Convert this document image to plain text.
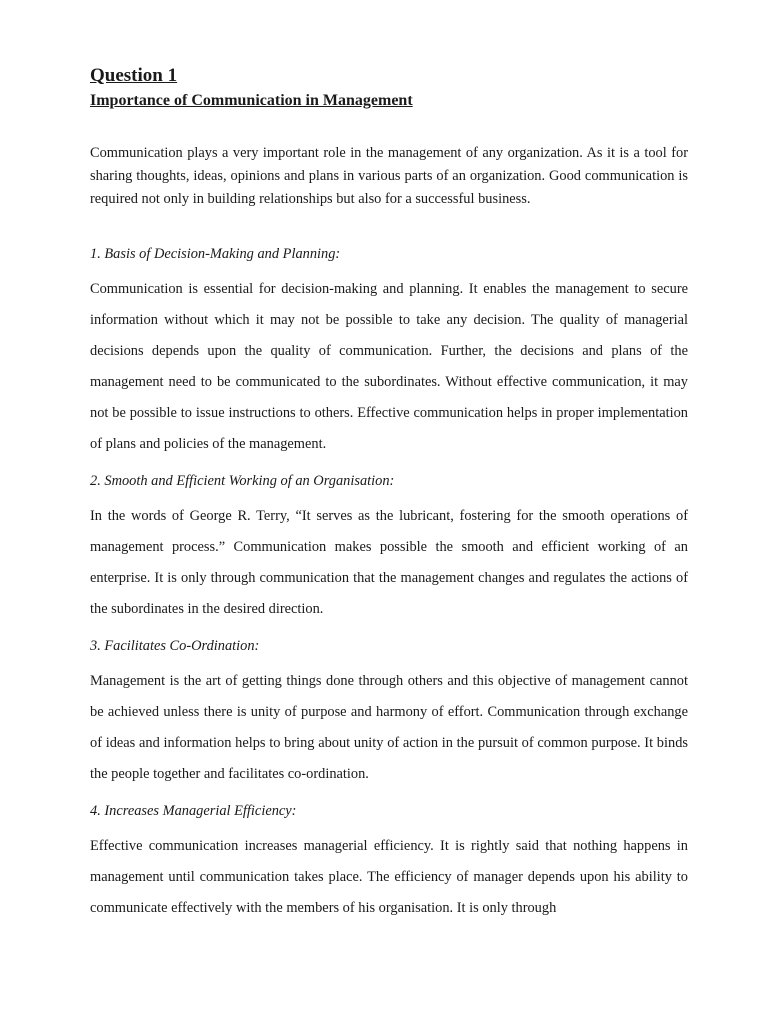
Question 1
Importance of Communication in Management

Communication plays a very important role in the management of any organization. As it is a tool for sharing thoughts, ideas, opinions and plans in various parts of an organization. Good communication is required not only in building relationships but also for a successful business.

1. Basis of Decision-Making and Planning:

Communication is essential for decision-making and planning. It enables the management to secure information without which it may not be possible to take any decision. The quality of managerial decisions depends upon the quality of communication. Further, the decisions and plans of the management need to be communicated to the subordinates. Without effective communication, it may not be possible to issue instructions to others. Effective communication helps in proper implementation of plans and policies of the management.

2. Smooth and Efficient Working of an Organisation:

In the words of George R. Terry, “It serves as the lubricant, fostering for the smooth operations of management process.” Communication makes possible the smooth and efficient working of an enterprise. It is only through communication that the management changes and regulates the actions of the subordinates in the desired direction.

3. Facilitates Co-Ordination:

Management is the art of getting things done through others and this objective of management cannot be achieved unless there is unity of purpose and harmony of effort. Communication through exchange of ideas and information helps to bring about unity of action in the pursuit of common purpose. It binds the people together and facilitates co-ordination.

4. Increases Managerial Efficiency:

Effective communication increases managerial efficiency. It is rightly said that nothing happens in management until communication takes place. The efficiency of manager depends upon his ability to communicate effectively with the members of his organisation. It is only through
